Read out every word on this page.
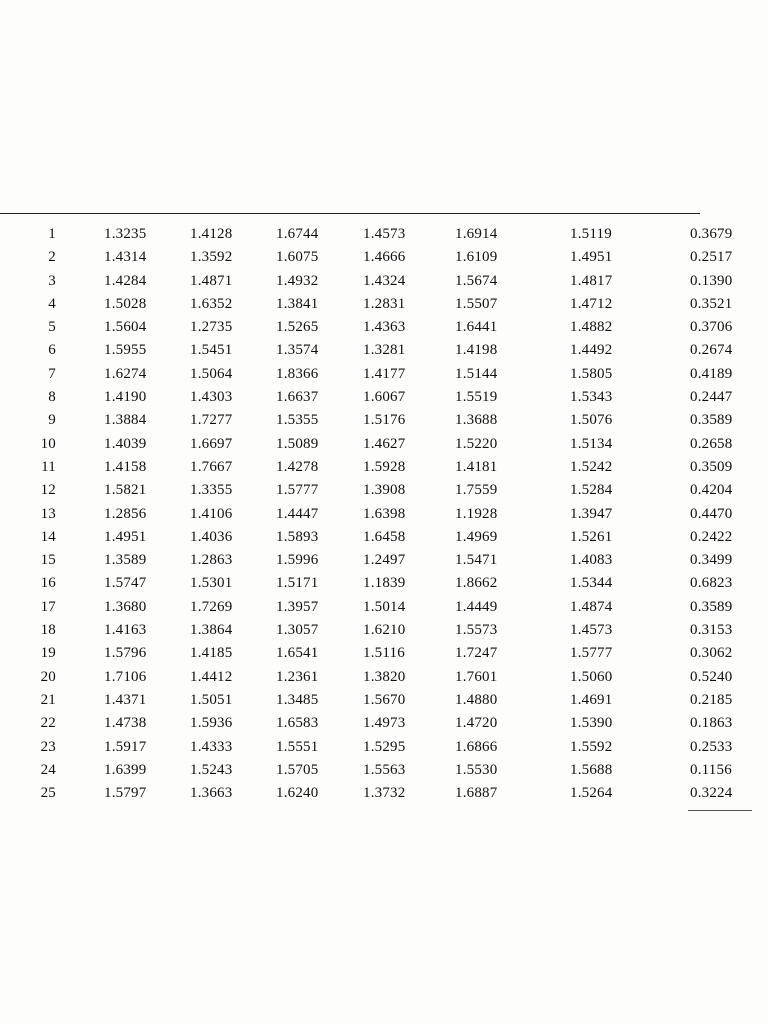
1	1.3235	1.4128	1.6744	1.4573	1.6914	1.5119	0.3679
2	1.4314	1.3592	1.6075	1.4666	1.6109	1.4951	0.2517
3	1.4284	1.4871	1.4932	1.4324	1.5674	1.4817	0.1390
4	1.5028	1.6352	1.3841	1.2831	1.5507	1.4712	0.3521
5	1.5604	1.2735	1.5265	1.4363	1.6441	1.4882	0.3706
6	1.5955	1.5451	1.3574	1.3281	1.4198	1.4492	0.2674
7	1.6274	1.5064	1.8366	1.4177	1.5144	1.5805	0.4189
8	1.4190	1.4303	1.6637	1.6067	1.5519	1.5343	0.2447
9	1.3884	1.7277	1.5355	1.5176	1.3688	1.5076	0.3589
10	1.4039	1.6697	1.5089	1.4627	1.5220	1.5134	0.2658
11	1.4158	1.7667	1.4278	1.5928	1.4181	1.5242	0.3509
12	1.5821	1.3355	1.5777	1.3908	1.7559	1.5284	0.4204
13	1.2856	1.4106	1.4447	1.6398	1.1928	1.3947	0.4470
14	1.4951	1.4036	1.5893	1.6458	1.4969	1.5261	0.2422
15	1.3589	1.2863	1.5996	1.2497	1.5471	1.4083	0.3499
16	1.5747	1.5301	1.5171	1.1839	1.8662	1.5344	0.6823
17	1.3680	1.7269	1.3957	1.5014	1.4449	1.4874	0.3589
18	1.4163	1.3864	1.3057	1.6210	1.5573	1.4573	0.3153
19	1.5796	1.4185	1.6541	1.5116	1.7247	1.5777	0.3062
20	1.7106	1.4412	1.2361	1.3820	1.7601	1.5060	0.5240
21	1.4371	1.5051	1.3485	1.5670	1.4880	1.4691	0.2185
22	1.4738	1.5936	1.6583	1.4973	1.4720	1.5390	0.1863
23	1.5917	1.4333	1.5551	1.5295	1.6866	1.5592	0.2533
24	1.6399	1.5243	1.5705	1.5563	1.5530	1.5688	0.1156
25	1.5797	1.3663	1.6240	1.3732	1.6887	1.5264	0.3224
